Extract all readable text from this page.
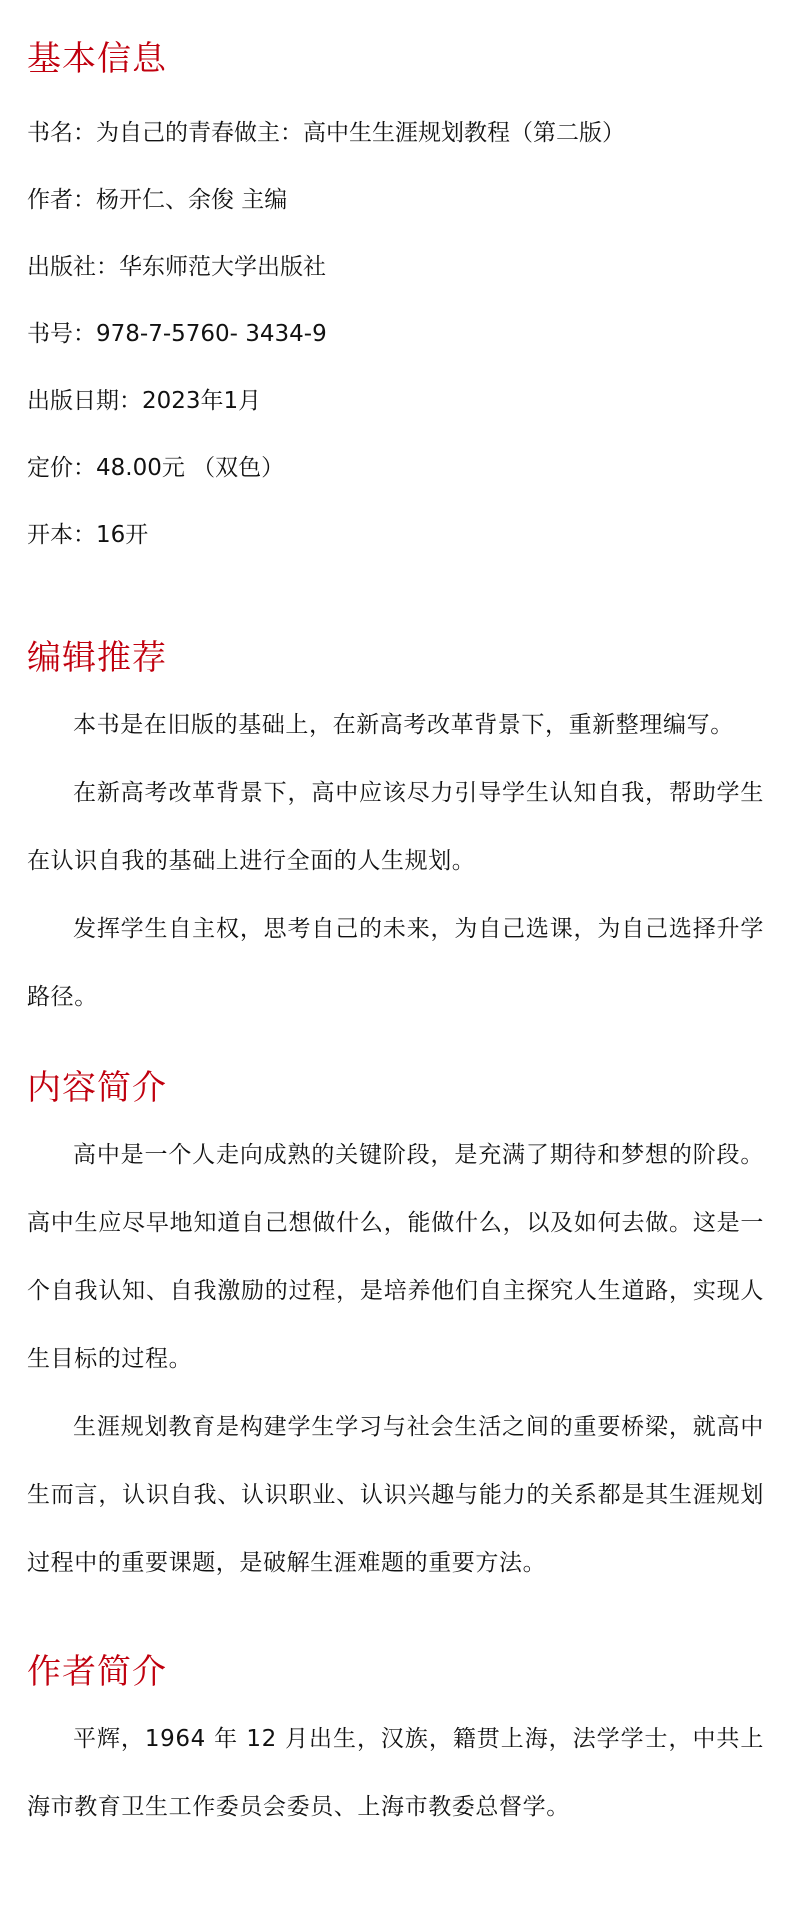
基本信息

书名：为自己的青春做主：高中生生涯规划教程（第二版）

作者：杨开仁、余俊 主编

出版社：华东师范大学出版社

书号：978-7-5760- 3434-9

出版日期：2023年1月

定价：48.00元 （双色）

开本：16开

编辑推荐

本书是在旧版的基础上，在新高考改革背景下，重新整理编写。

在新高考改革背景下，高中应该尽力引导学生认知自我，帮助学生在认识自我的基础上进行全面的人生规划。

发挥学生自主权，思考自己的未来，为自己选课，为自己选择升学路径。

内容简介

高中是一个人走向成熟的关键阶段，是充满了期待和梦想的阶段。高中生应尽早地知道自己想做什么，能做什么，以及如何去做。这是一个自我认知、自我激励的过程，是培养他们自主探究人生道路，实现人生目标的过程。

生涯规划教育是构建学生学习与社会生活之间的重要桥梁，就高中生而言，认识自我、认识职业、认识兴趣与能力的关系都是其生涯规划过程中的重要课题，是破解生涯难题的重要方法。

作者简介

平辉，1964 年 12 月出生，汉族，籍贯上海，法学学士，中共上海市教育卫生工作委员会委员、上海市教委总督学。
